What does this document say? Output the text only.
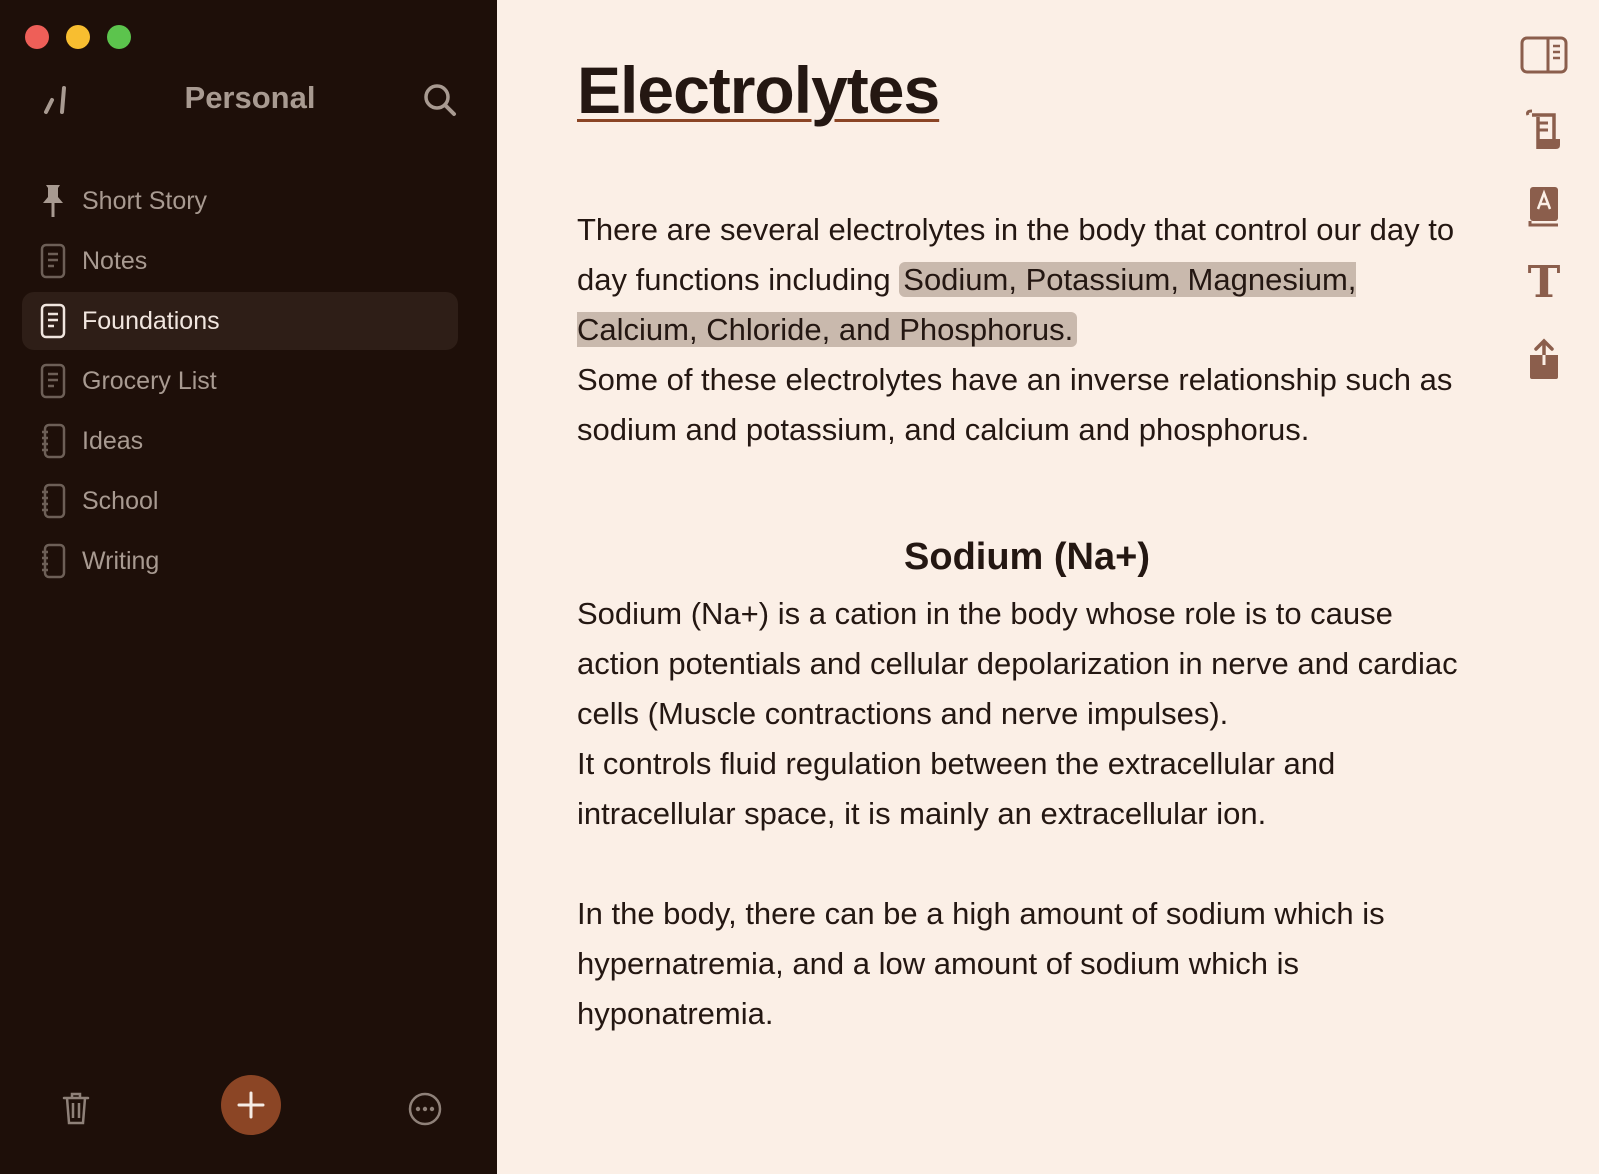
Personal
Short Story
Notes
Foundations
Grocery List
Ideas
School
Writing
Electrolytes

There are several electrolytes in the body that control our day to day functions including Sodium, Potassium, Magnesium, Calcium, Chloride, and Phosphorus.
Some of these electrolytes have an inverse relationship such as sodium and potassium, and calcium and phosphorus.

Sodium (Na+)

Sodium (Na+) is a cation in the body whose role is to cause action potentials and cellular depolarization in nerve and cardiac cells (Muscle contractions and nerve impulses).
It controls fluid regulation between the extracellular and intracellular space, it is mainly an extracellular ion.

In the body, there can be a high amount of sodium which is hypernatremia, and a low amount of sodium which is hyponatremia.

T
